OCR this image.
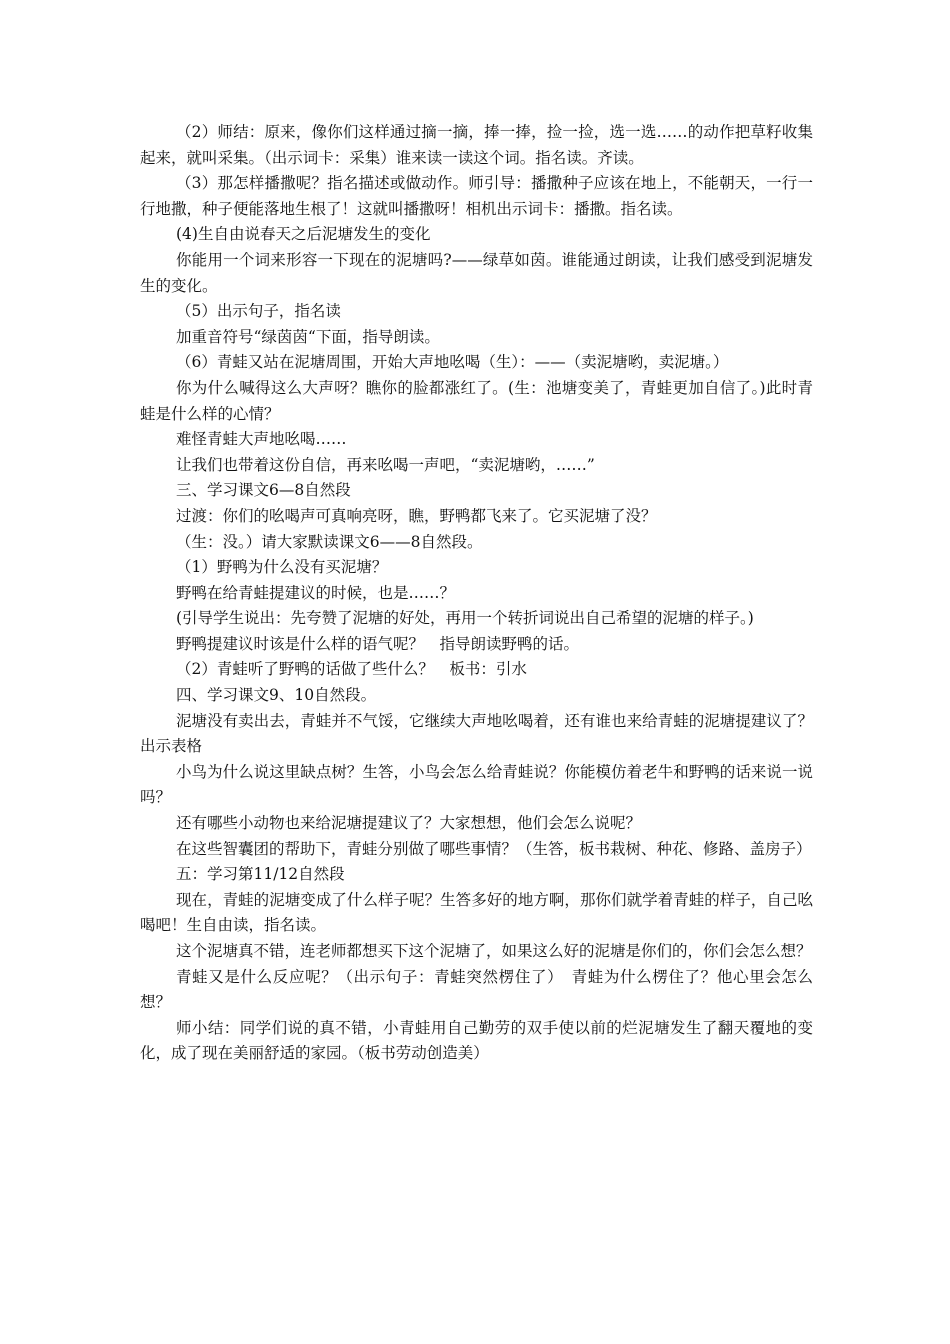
（2）师结：原来，像你们这样通过摘一摘，捧一捧，捡一捡，选一选……的动作把草籽收集起来，就叫采集。（出示词卡：采集）谁来读一读这个词。指名读。齐读。

（3）那怎样播撒呢？指名描述或做动作。师引导：播撒种子应该在地上，不能朝天，一行一行地撒，种子便能落地生根了！这就叫播撒呀！相机出示词卡：播撒。指名读。

(4)生自由说春天之后泥塘发生的变化

你能用一个词来形容一下现在的泥塘吗?——绿草如茵。谁能通过朗读，让我们感受到泥塘发生的变化。

（5）出示句子，指名读

加重音符号“绿茵茵“下面，指导朗读。

（6）青蛙又站在泥塘周围，开始大声地吆喝（生）：——（卖泥塘哟，卖泥塘。）

你为什么喊得这么大声呀？瞧你的脸都涨红了。(生：池塘变美了，青蛙更加自信了。)此时青蛙是什么样的心情？

难怪青蛙大声地吆喝……

让我们也带着这份自信，再来吆喝一声吧，“卖泥塘哟，……”

三、学习课文6—8自然段

过渡：你们的吆喝声可真响亮呀，瞧，野鸭都飞来了。它买泥塘了没？

（生：没。）请大家默读课文6——8自然段。

（1）野鸭为什么没有买泥塘？

野鸭在给青蛙提建议的时候，也是……？

(引导学生说出：先夸赞了泥塘的好处，再用一个转折词说出自己希望的泥塘的样子。)

野鸭提建议时该是什么样的语气呢？　指导朗读野鸭的话。

（2）青蛙听了野鸭的话做了些什么？　板书：引水

四、学习课文9、10自然段。

泥塘没有卖出去，青蛙并不气馁，它继续大声地吆喝着，还有谁也来给青蛙的泥塘提建议了？出示表格

小鸟为什么说这里缺点树？生答，小鸟会怎么给青蛙说？你能模仿着老牛和野鸭的话来说一说吗？

还有哪些小动物也来给泥塘提建议了？大家想想，他们会怎么说呢？

在这些智囊团的帮助下，青蛙分别做了哪些事情？（生答，板书栽树、种花、修路、盖房子）

五：学习第11/12自然段

现在，青蛙的泥塘变成了什么样子呢？生答多好的地方啊，那你们就学着青蛙的样子，自己吆喝吧！生自由读，指名读。

这个泥塘真不错，连老师都想买下这个泥塘了，如果这么好的泥塘是你们的，你们会怎么想？

青蛙又是什么反应呢？（出示句子：青蛙突然楞住了）　青蛙为什么楞住了？他心里会怎么想？

师小结：同学们说的真不错，小青蛙用自己勤劳的双手使以前的烂泥塘发生了翻天覆地的变化，成了现在美丽舒适的家园。（板书劳动创造美）
